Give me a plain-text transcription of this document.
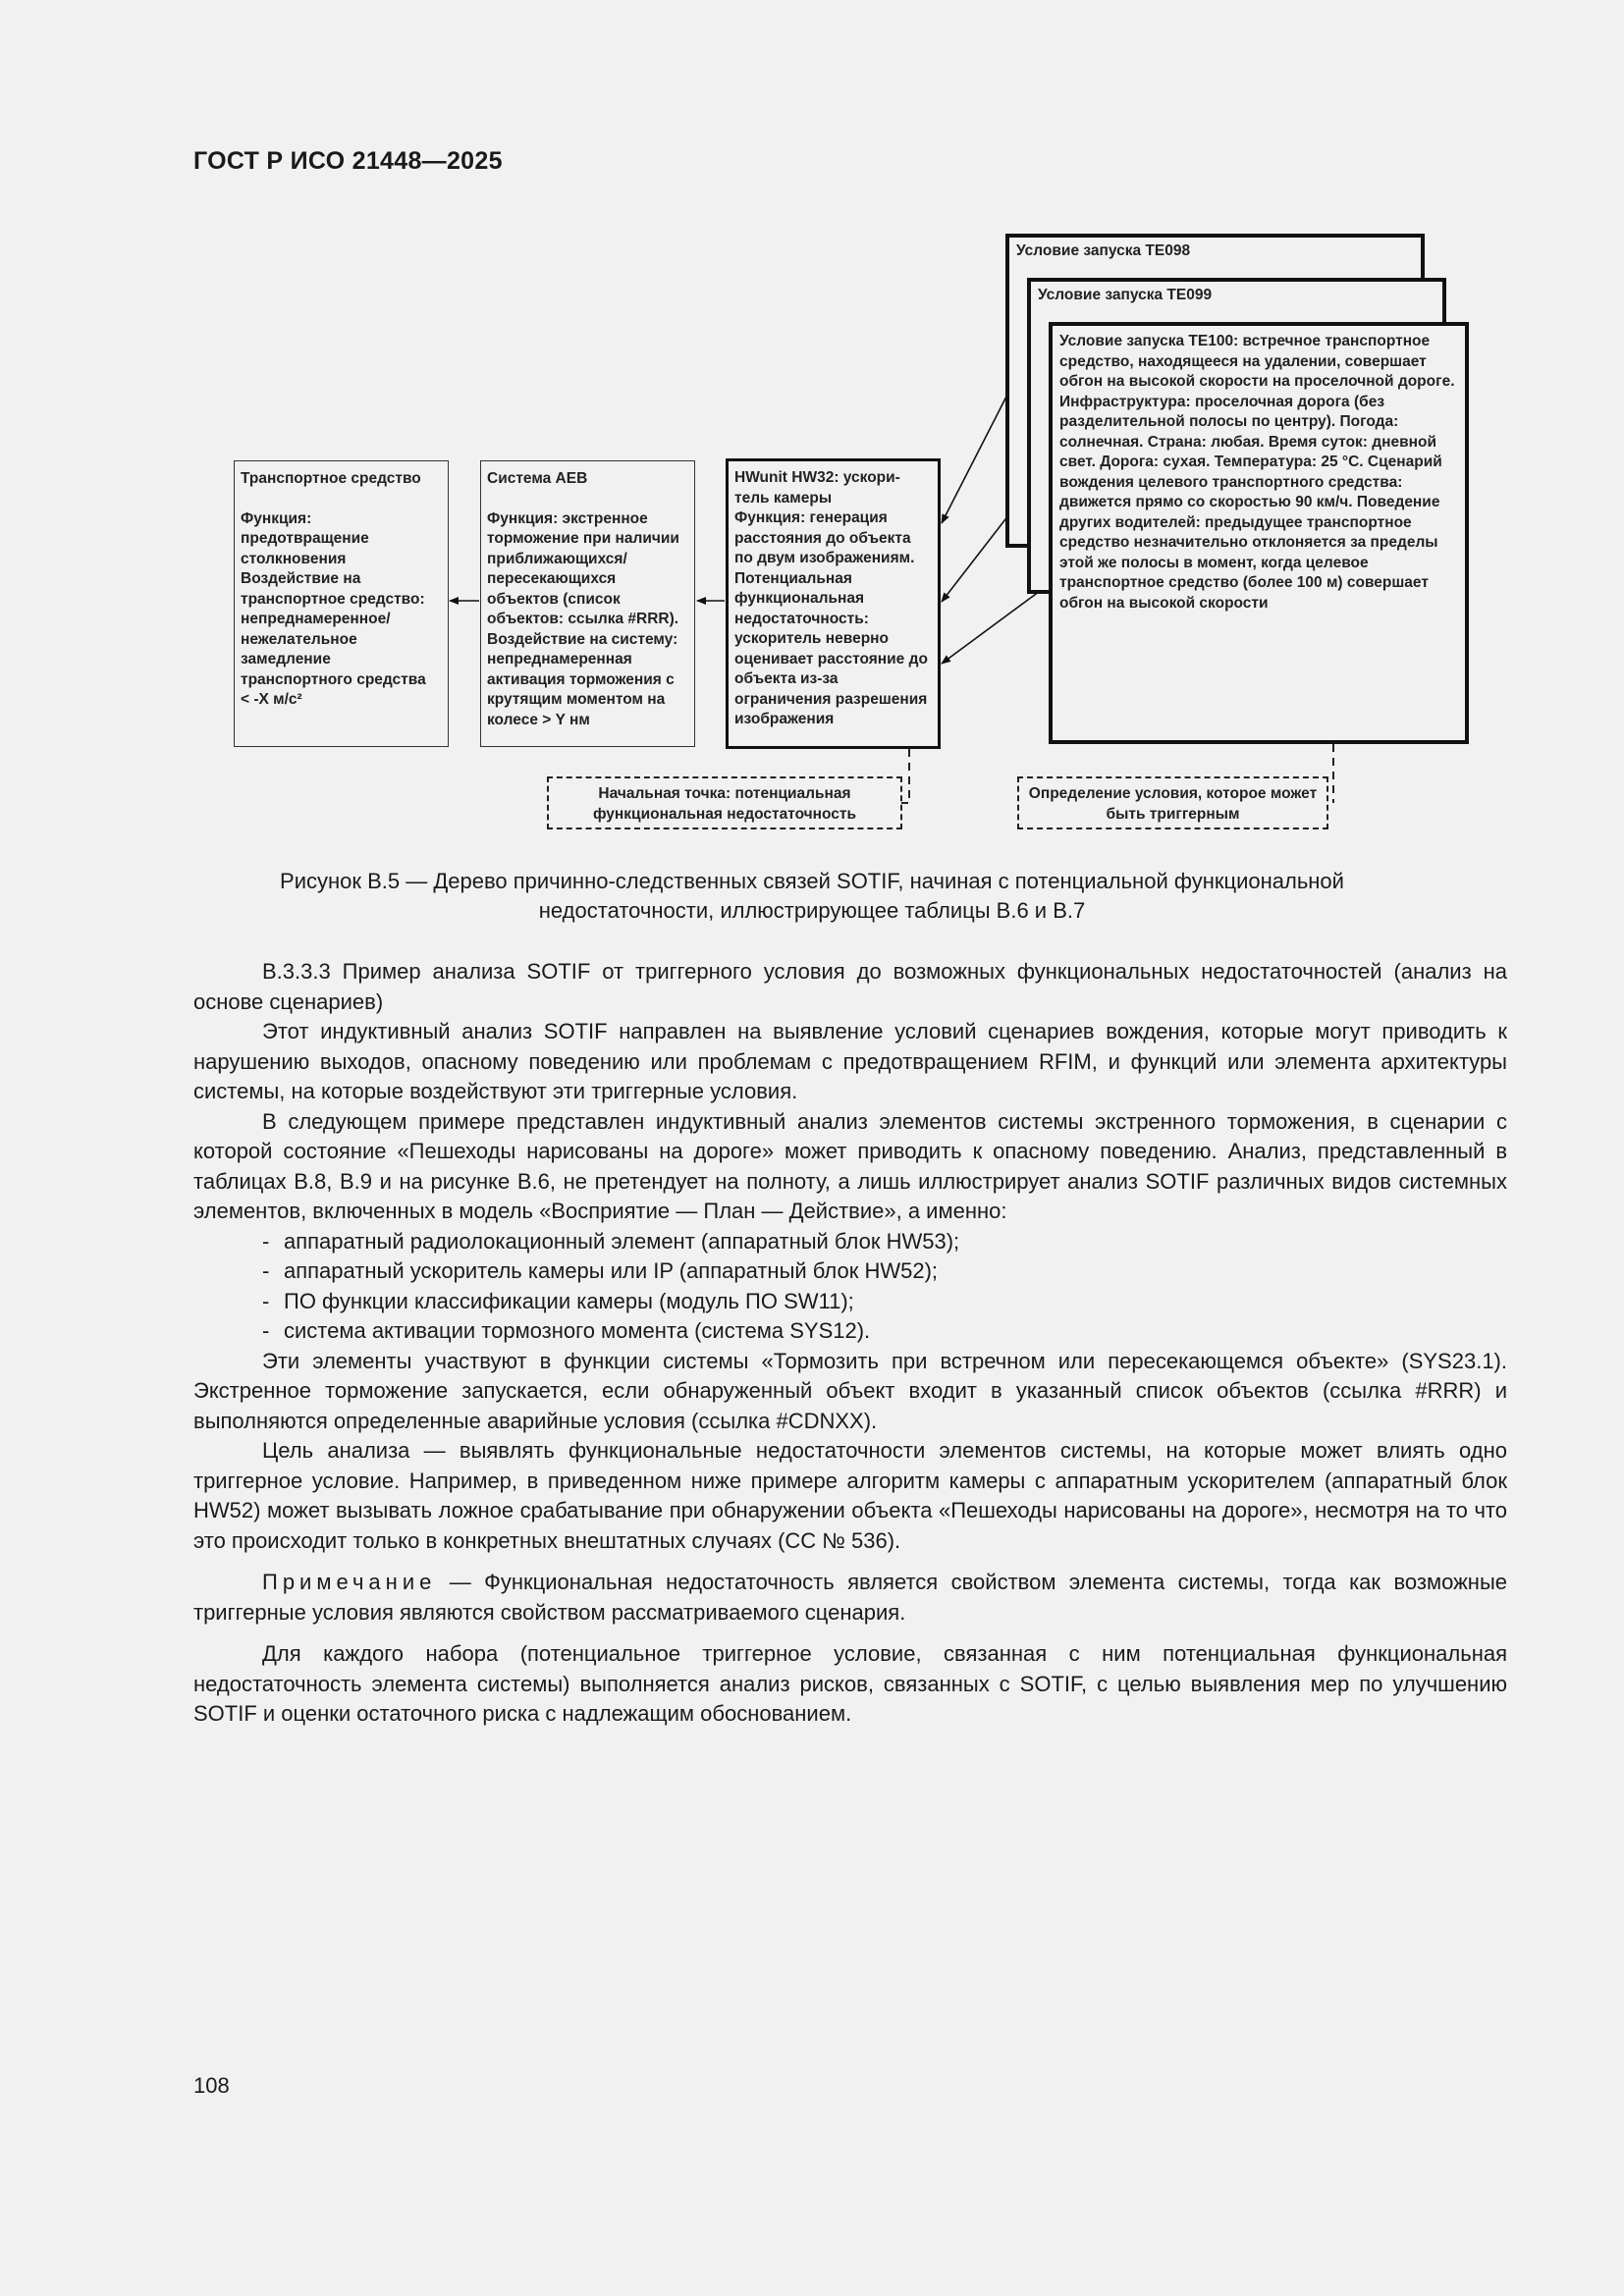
ГОСТ Р ИСО 21448—2025
Транспортное средство
Функция:
предотвращение
столкновения
Воздействие на
транспортное средство:
непреднамеренное/
нежелательное
замедление
транспортного средства
< -X м/с²
Система АЕВ
Функция: экстренное
торможение при наличии
приближающихся/
пересекающихся
объектов (список
объектов: ссылка #RRR).
Воздействие на систему:
непреднамеренная
активация торможения с
крутящим моментом на
колесе > Y нм
HWunit HW32: ускори-
тель камеры
Функция: генерация
расстояния до объекта
по двум изображениям.
Потенциальная
функциональная
недостаточность:
ускоритель неверно
оценивает расстояние до
объекта из-за
ограничения разрешения
изображения
Условие запуска ТЕ098
Условие запуска ТЕ099
Условие запуска ТЕ100: встречное транспортное средство, находящееся на удалении, совершает обгон на высокой скорости на проселочной дороге. Инфраструктура: проселочная дорога (без разделительной полосы по центру). Погода: солнечная. Страна: любая. Время суток: дневной свет. Дорога: сухая. Температура: 25 °С. Сценарий вождения целевого транспортного средства: движется прямо со скоростью 90 км/ч. Поведение других водителей: предыдущее транспортное средство незначительно отклоняется за пределы этой же полосы в момент, когда целевое транспортное средство (более 100 м) совершает обгон на высокой скорости
Начальная точка: потенциальная функциональная недостаточность
Определение условия, которое может быть триггерным
Рисунок В.5 — Дерево причинно-следственных связей SOTIF, начиная с потенциальной функциональной
недостаточности, иллюстрирующее таблицы В.6 и В.7

В.3.3.3 Пример анализа SOTIF от триггерного условия до возможных функциональных недостаточностей (анализ на основе сценариев)

Этот индуктивный анализ SOTIF направлен на выявление условий сценариев вождения, которые могут приводить к нарушению выходов, опасному поведению или проблемам с предотвращением RFIM, и функций или элемента архитектуры системы, на которые воздействуют эти триггерные условия.

В следующем примере представлен индуктивный анализ элементов системы экстренного торможения, в сценарии с которой состояние «Пешеходы нарисованы на дороге» может приводить к опасному поведению. Анализ, представленный в таблицах В.8, В.9 и на рисунке В.6, не претендует на полноту, а лишь иллюстрирует анализ SOTIF различных видов системных элементов, включенных в модель «Восприятие — План — Действие», а именно:

- аппаратный радиолокационный элемент (аппаратный блок HW53);
- аппаратный ускоритель камеры или IP (аппаратный блок HW52);
- ПО функции классификации камеры (модуль ПО SW11);
- система активации тормозного момента (система SYS12).

Эти элементы участвуют в функции системы «Тормозить при встречном или пересекающемся объекте» (SYS23.1). Экстренное торможение запускается, если обнаруженный объект входит в указанный список объектов (ссылка #RRR) и выполняются определенные аварийные условия (ссылка #CDNXX).

Цель анализа — выявлять функциональные недостаточности элементов системы, на которые может влиять одно триггерное условие. Например, в приведенном ниже примере алгоритм камеры с аппаратным ускорителем (аппаратный блок HW52) может вызывать ложное срабатывание при обнаружении объекта «Пешеходы нарисованы на дороге», несмотря на то что это происходит только в конкретных внештатных случаях (СС № 536).

Примечание — Функциональная недостаточность является свойством элемента системы, тогда как возможные триггерные условия являются свойством рассматриваемого сценария.

Для каждого набора (потенциальное триггерное условие, связанная с ним потенциальная функциональная недостаточность элемента системы) выполняется анализ рисков, связанных с SOTIF, с целью выявления мер по улучшению SOTIF и оценки остаточного риска с надлежащим обоснованием.

108
